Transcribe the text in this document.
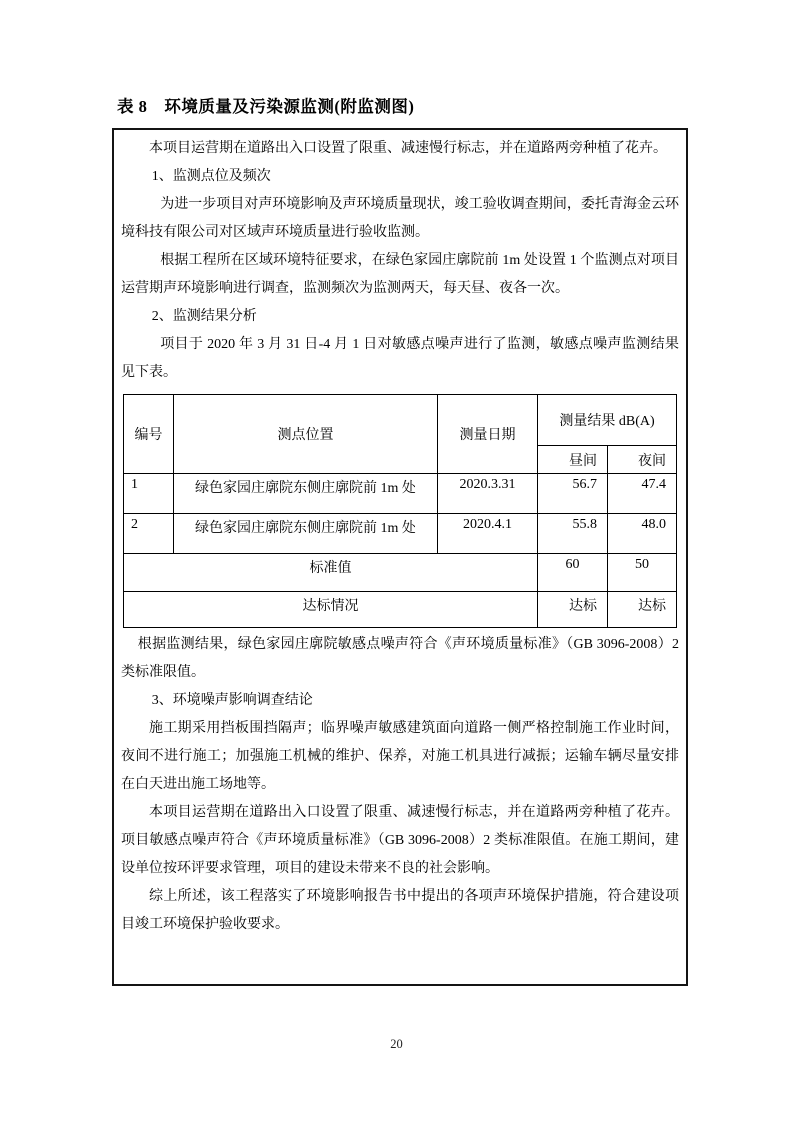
表 8　环境质量及污染源监测(附监测图)

本项目运营期在道路出入口设置了限重、减速慢行标志，并在道路两旁种植了花卉。

1、监测点位及频次

为进一步项目对声环境影响及声环境质量现状，竣工验收调查期间，委托青海金云环境科技有限公司对区域声环境质量进行验收监测。

根据工程所在区域环境特征要求，在绿色家园庄廓院前 1m 处设置 1 个监测点对项目运营期声环境影响进行调查，监测频次为监测两天，每天昼、夜各一次。

2、监测结果分析

项目于 2020 年 3 月 31 日-4 月 1 日对敏感点噪声进行了监测，敏感点噪声监测结果见下表。

编号	测点位置	测量日期	测量结果 dB(A)	
			昼间	夜间
1	绿色家园庄廓院东侧庄廓院前 1m 处	2020.3.31	56.7	47.4
2	绿色家园庄廓院东侧庄廓院前 1m 处	2020.4.1	55.8	48.0
标准值			60	50
达标情况			达标	达标

根据监测结果，绿色家园庄廓院敏感点噪声符合《声环境质量标准》（GB 3096-2008）2 类标准限值。

3、环境噪声影响调查结论

施工期采用挡板围挡隔声；临界噪声敏感建筑面向道路一侧严格控制施工作业时间，夜间不进行施工；加强施工机械的维护、保养，对施工机具进行减振；运输车辆尽量安排在白天进出施工场地等。

本项目运营期在道路出入口设置了限重、减速慢行标志，并在道路两旁种植了花卉。项目敏感点噪声符合《声环境质量标准》（GB 3096-2008）2 类标准限值。在施工期间，建设单位按环评要求管理，项目的建设未带来不良的社会影响。

综上所述，该工程落实了环境影响报告书中提出的各项声环境保护措施，符合建设项目竣工环境保护验收要求。

20
